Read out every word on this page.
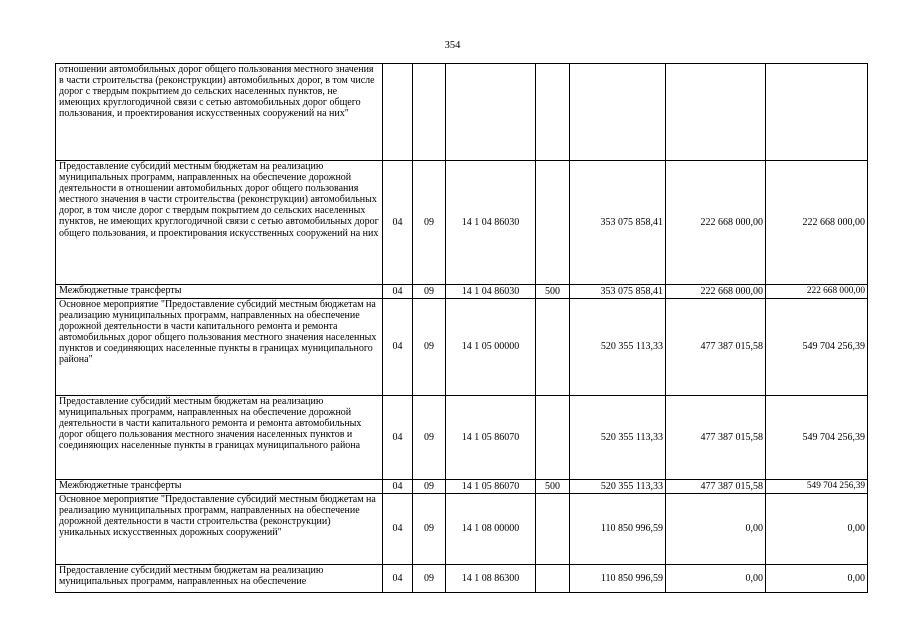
354
отношении автомобильных дорог общего пользования местного значения в части строительства (реконструкции) автомобильных дорог, в том числе дорог с твердым покрытием до сельских населенных пунктов, не имеющих круглогодичной связи с сетью автомобильных дорог общего пользования, и проектирования искусственных сооружений на них"							
Предоставление субсидий местным бюджетам на реализацию муниципальных программ, направленных на обеспечение дорожной деятельности в отношении автомобильных дорог общего пользования местного значения в части строительства (реконструкции) автомобильных дорог, в том числе дорог с твердым покрытием до сельских населенных пунктов, не имеющих круглогодичной связи с сетью автомобильных дорог общего пользования, и проектирования искусственных сооружений на них	04	09	14 1 04 86030		353 075 858,41	222 668 000,00	222 668 000,00
Межбюджетные трансферты	04	09	14 1 04 86030	500	353 075 858,41	222 668 000,00	222 668 000,00
Основное мероприятие "Предоставление субсидий местным бюджетам на реализацию муниципальных программ, направленных на обеспечение дорожной деятельности в части капитального ремонта и ремонта автомобильных дорог общего пользования местного значения населенных пунктов и соединяющих населенные пункты в границах муниципального района"	04	09	14 1 05 00000		520 355 113,33	477 387 015,58	549 704 256,39
Предоставление субсидий местным бюджетам на реализацию муниципальных программ, направленных на обеспечение дорожной деятельности в части капитального ремонта и ремонта автомобильных дорог общего пользования местного значения населенных пунктов и соединяющих населенные пункты в границах муниципального района	04	09	14 1 05 86070		520 355 113,33	477 387 015,58	549 704 256,39
Межбюджетные трансферты	04	09	14 1 05 86070	500	520 355 113,33	477 387 015,58	549 704 256,39
Основное мероприятие "Предоставление субсидий местным бюджетам на реализацию муниципальных программ, направленных на обеспечение дорожной деятельности в части строительства (реконструкции) уникальных искусственных дорожных сооружений"	04	09	14 1 08 00000		110 850 996,59	0,00	0,00
Предоставление субсидий местным бюджетам на реализацию муниципальных программ, направленных на обеспечение	04	09	14 1 08 86300		110 850 996,59	0,00	0,00
